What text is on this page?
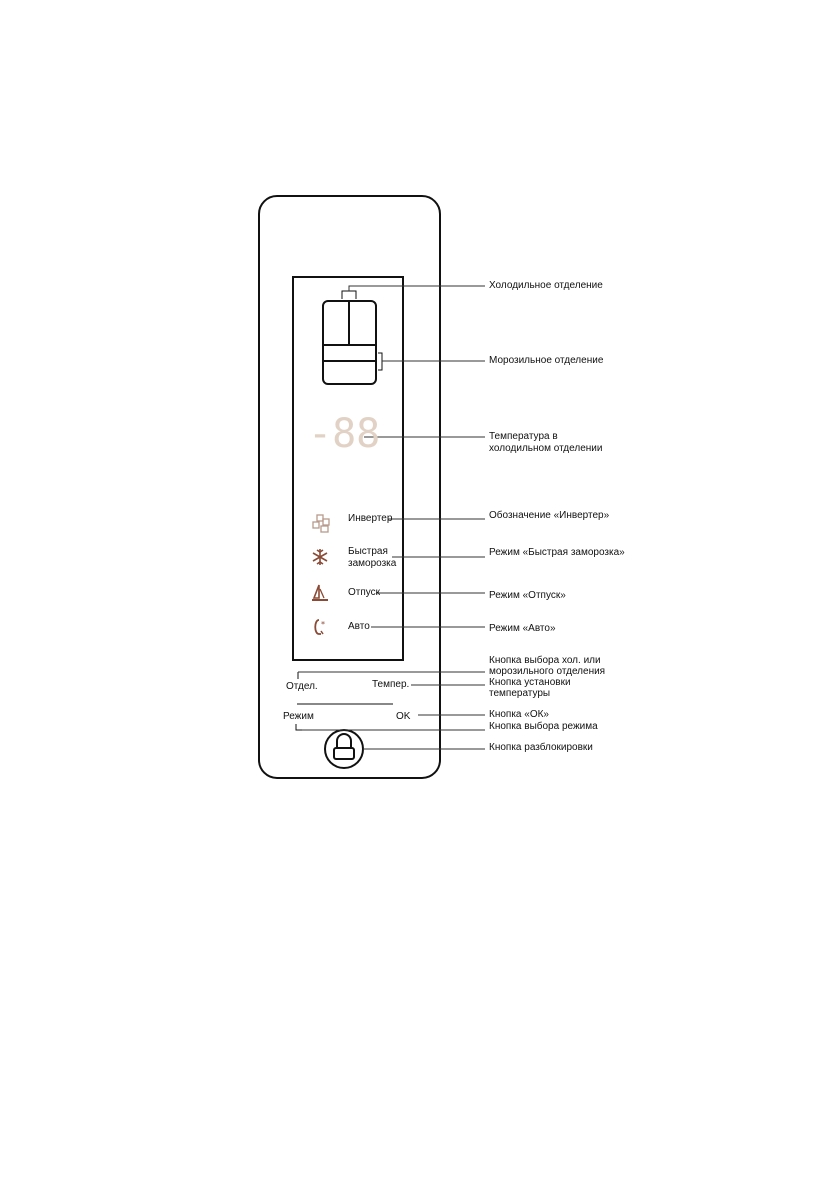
-88
*
Инвертер
Быстрая
заморозка
Отпуск
Авто
Отдел.	Темпер.
Режим	OK
Холодильное отделение
Морозильное отделение
Температура в
холодильном отделении
Обозначение «Инвертер»
Режим «Быстрая заморозка»
Режим «Отпуск»
Режим «Авто»
Кнопка выбора хол. или
морозильного отделения
Кнопка установки
температуры
Кнопка «ОК»
Кнопка выбора режима
Кнопка разблокировки
